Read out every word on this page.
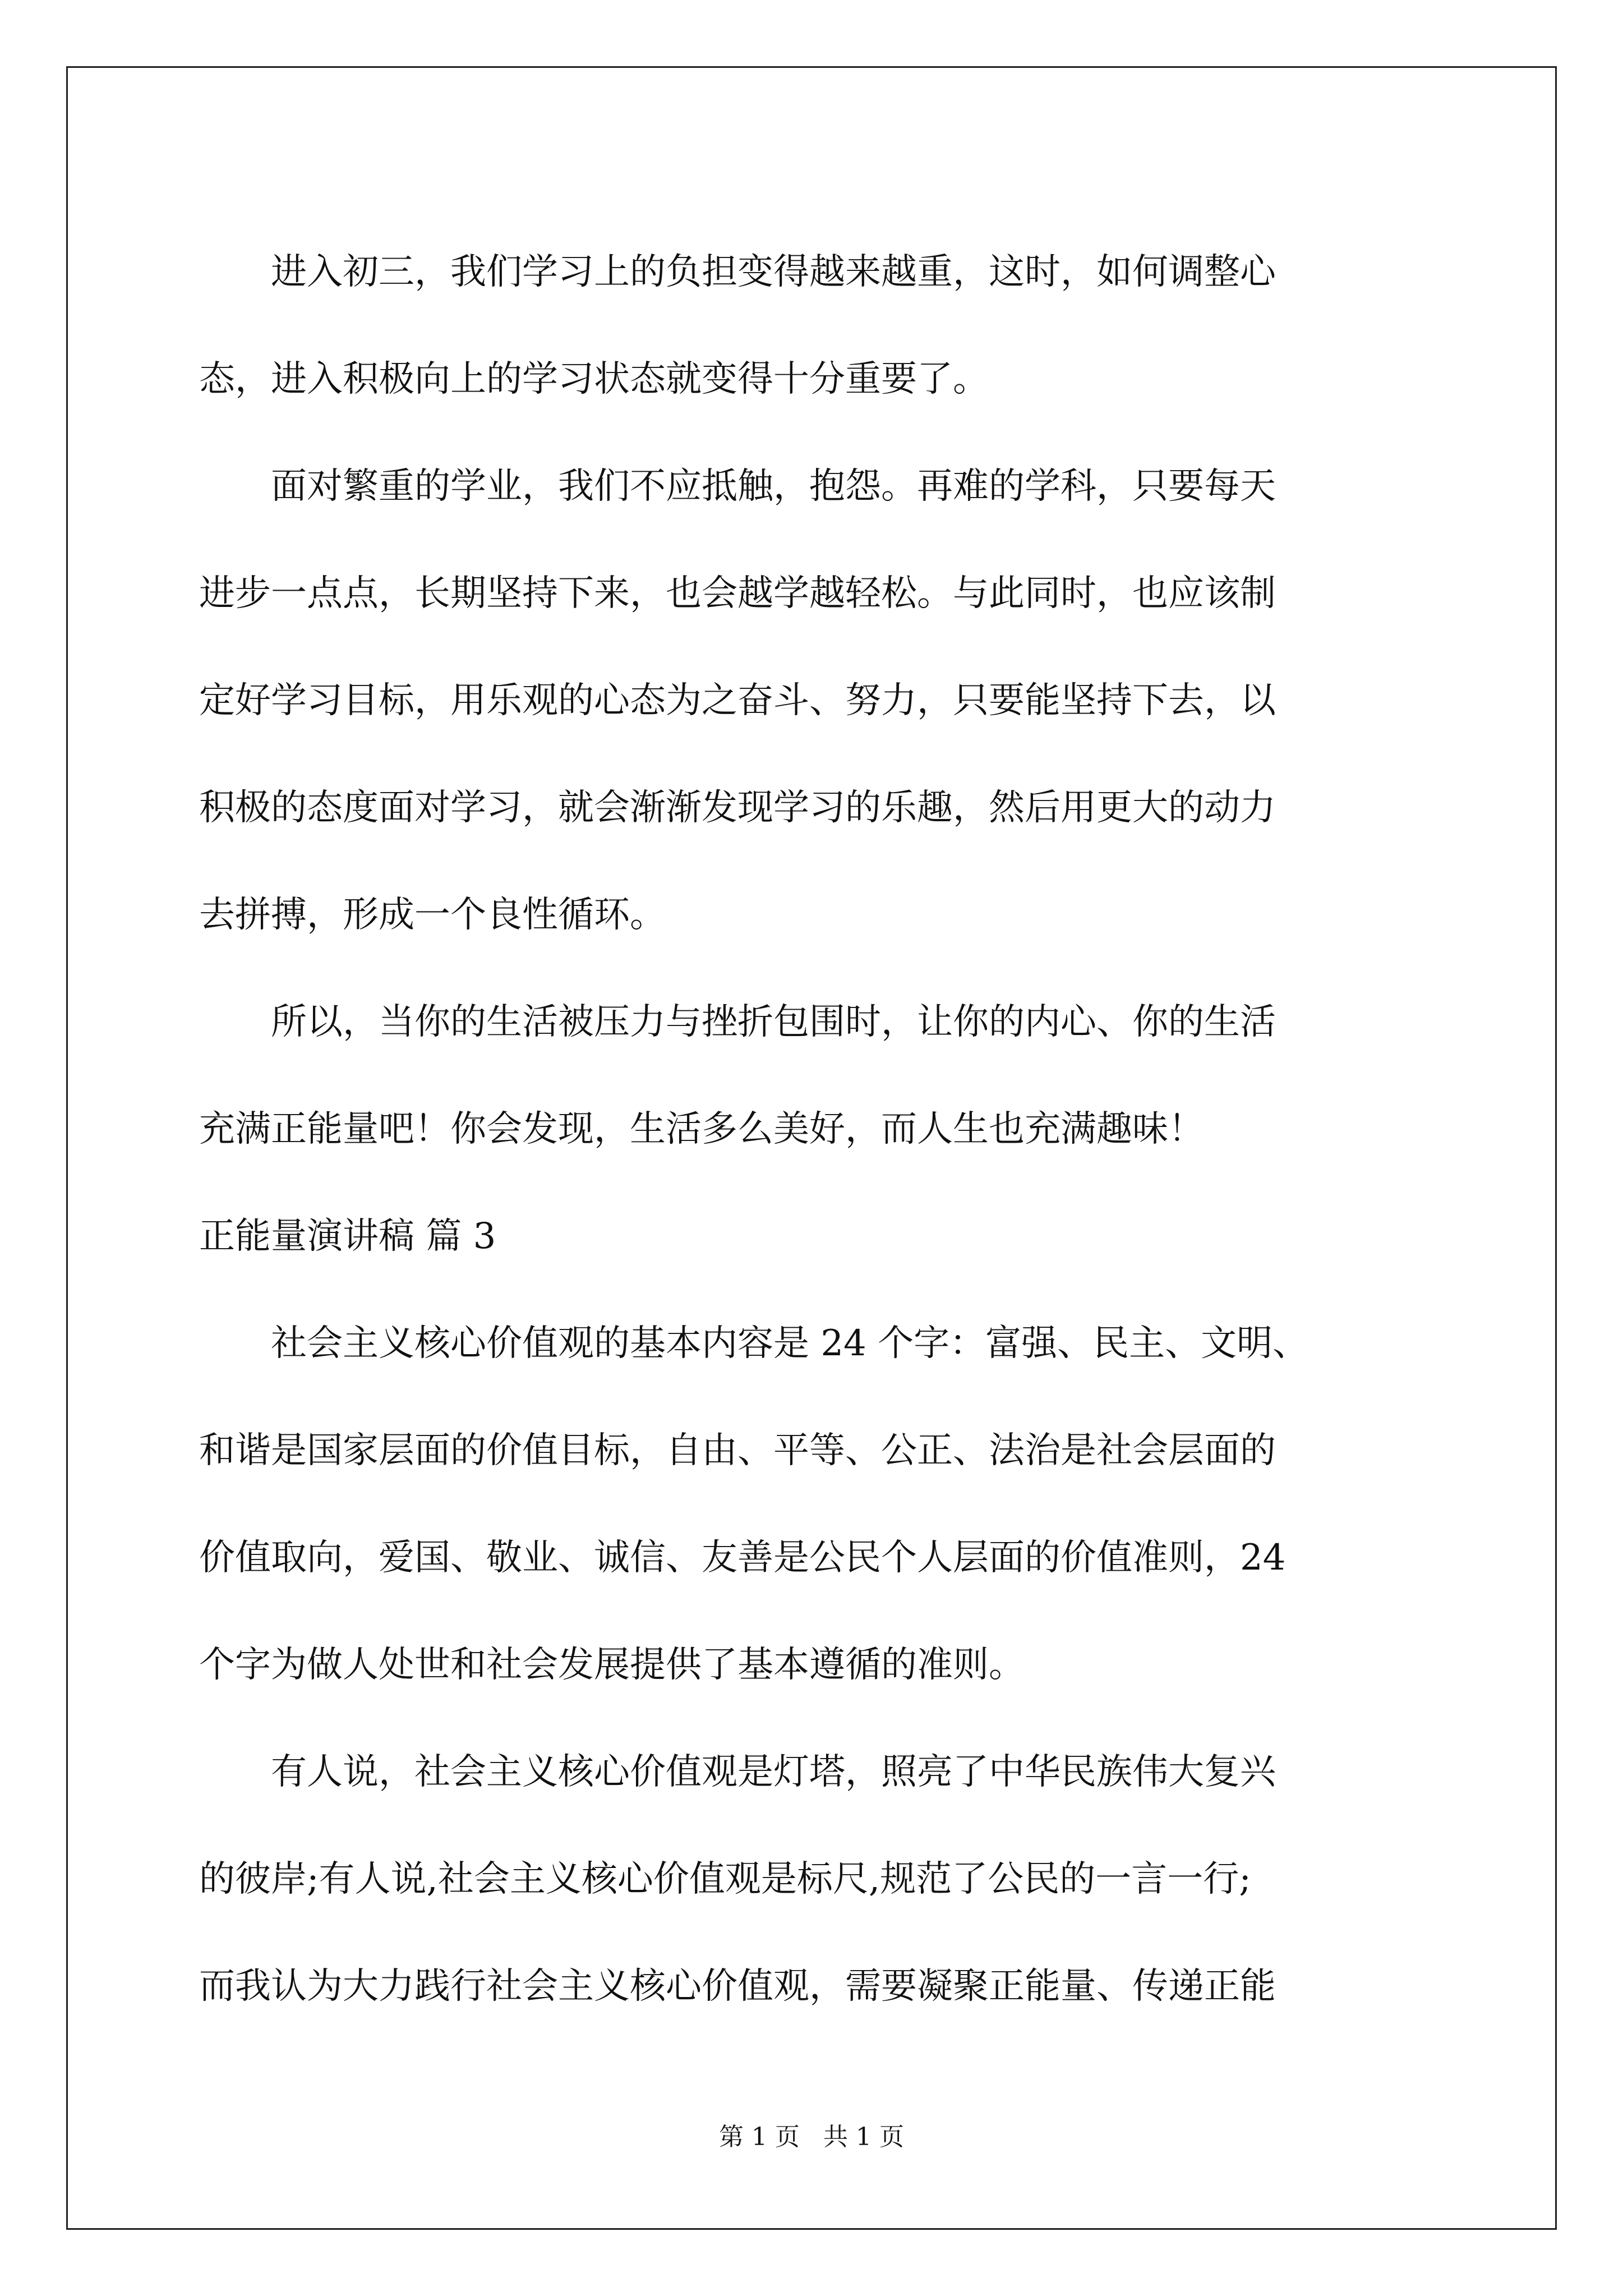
进入初三，我们学习上的负担变得越来越重，这时，如何调整心
态，进入积极向上的学习状态就变得十分重要了。

面对繁重的学业，我们不应抵触，抱怨。再难的学科，只要每天
进步一点点，长期坚持下来，也会越学越轻松。与此同时，也应该制
定好学习目标，用乐观的心态为之奋斗、努力，只要能坚持下去，以
积极的态度面对学习，就会渐渐发现学习的乐趣，然后用更大的动力
去拼搏，形成一个良性循环。

所以，当你的生活被压力与挫折包围时，让你的内心、你的生活
充满正能量吧！你会发现，生活多么美好，而人生也充满趣味！

正能量演讲稿 篇 3

社会主义核心价值观的基本内容是 24 个字：富强、民主、文明、
和谐是国家层面的价值目标，自由、平等、公正、法治是社会层面的
价值取向，爱国、敬业、诚信、友善是公民个人层面的价值准则，24
个字为做人处世和社会发展提供了基本遵循的准则。

有人说，社会主义核心价值观是灯塔，照亮了中华民族伟大复兴
的彼岸;有人说,社会主义核心价值观是标尺,规范了公民的一言一行;
而我认为大力践行社会主义核心价值观，需要凝聚正能量、传递正能

第 1 页 共 1 页
